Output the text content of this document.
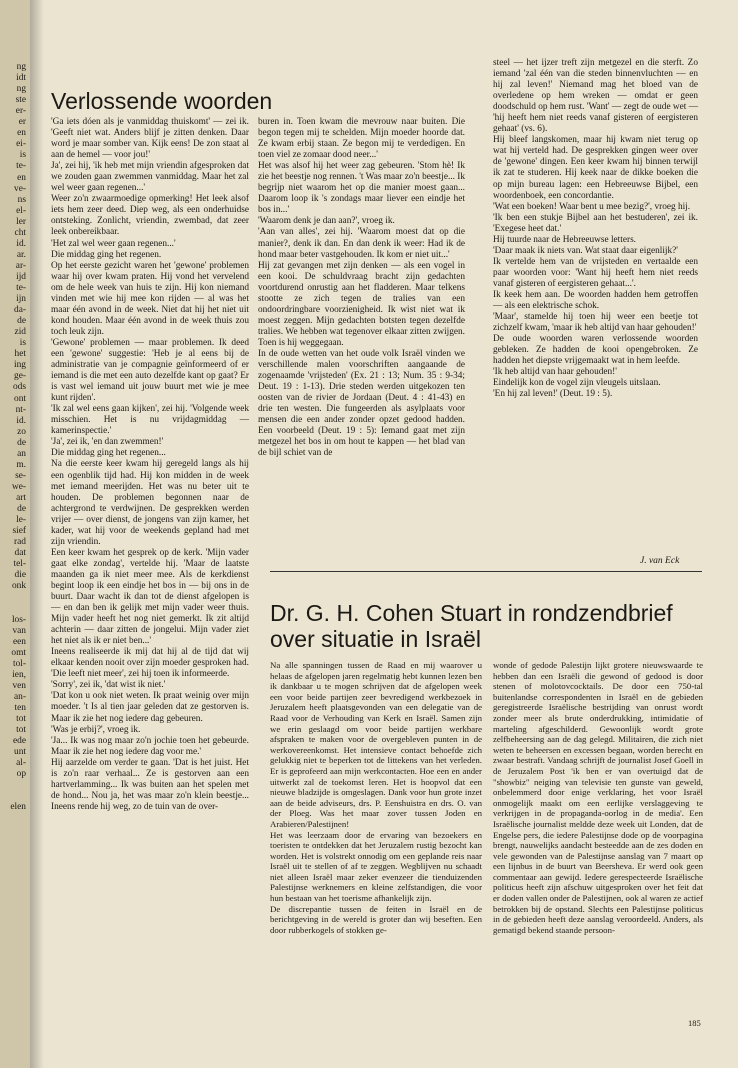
ng
idt
ng
ste
er-
er
en
ei-
is
te-
en
ve-
ns
el-
ler
cht
id.
ar.
ar-
ijd
te-
ijn
da-
de
zid
is
het
ing
ge-
ods
ont
nt-
id.
zo
de
an
m.
se-
we-
art
de
le-
sief
rad
dat
tel-
die
onk
los-
van
een
omt
tol-
ien,
ven
an-
ten
tot
tot
ede
unt
al-
op
elen
Verlossende woorden

'Ga iets dóen als je vanmiddag thuiskomt' — zei ik. 'Geeft niet wat. Anders blijf je zitten denken. Daar word je maar somber van. Kijk eens! De zon staat al aan de hemel — voor jou!'

Ja', zei hij, 'ik heb met mijn vriendin afgesproken dat we zouden gaan zwemmen vanmiddag. Maar het zal wel weer gaan regenen...'

Weer zo'n zwaarmoedige opmerking! Het leek alsof iets hem zeer deed. Diep weg, als een onderhuidse ontsteking. Zonlicht, vriendin, zwembad, dat zeer leek onbereikbaar.

'Het zal wel weer gaan regenen...'

Die middag ging het regenen.

Op het eerste gezicht waren het 'gewone' problemen waar hij over kwam praten. Hij vond het vervelend om de hele week van huis te zijn. Hij kon niemand vinden met wie hij mee kon rijden — al was het maar één avond in de week. Niet dat hij het niet uit kond houden. Maar één avond in de week thuis zou toch leuk zijn.

'Gewone' problemen — maar problemen. Ik deed een 'gewone' suggestie: 'Heb je al eens bij de administratie van je compagnie geïnformeerd of er iemand is die met een auto dezelfde kant op gaat? Er is vast wel iemand uit jouw buurt met wie je mee kunt rijden'.

'Ik zal wel eens gaan kijken', zei hij. 'Volgende week misschien. Het is nu vrijdagmiddag — kamerinspectie.'

'Ja', zei ik, 'en dan zwemmen!'

Die middag ging het regenen...

Na die eerste keer kwam hij geregeld langs als hij een ogenblik tijd had. Hij kon midden in de week met iemand meerijden. Het was nu beter uit te houden. De problemen begonnen naar de achtergrond te verdwijnen. De gesprekken werden vrijer — over dienst, de jongens van zijn kamer, het kader, wat hij voor de weekends gepland had met zijn vriendin.

Een keer kwam het gesprek op de kerk. 'Mijn vader gaat elke zondag', vertelde hij. 'Maar de laatste maanden ga ik niet meer mee. Als de kerkdienst begint loop ik een eindje het bos in — bij ons in de buurt. Daar wacht ik dan tot de dienst afgelopen is — en dan ben ik gelijk met mijn vader weer thuis. Mijn vader heeft het nog niet gemerkt. Ik zit altijd achterin — daar zitten de jongelui. Mijn vader ziet het niet als ik er niet ben...'

Ineens realiseerde ik mij dat hij al de tijd dat wij elkaar kenden nooit over zijn moeder gesproken had. 'Die leeft niet meer', zei hij toen ik informeerde.

'Sorry', zei ik, 'dat wist ik niet.'

'Dat kon u ook niet weten. Ik praat weinig over mijn moeder. 't Is al tien jaar geleden dat ze gestorven is. Maar ik zie het nog iedere dag gebeuren.

'Was je erbij?', vroeg ik.

'Ja... Ik was nog maar zo'n jochie toen het gebeurde. Maar ik zie het nog iedere dag voor me.'

Hij aarzelde om verder te gaan. 'Dat is het juist. Het is zo'n raar verhaal... Ze is gestorven aan een hartverlamming... Ik was buiten aan het spelen met de hond... Nou ja, het was maar zo'n klein beestje... Ineens rende hij weg, zo de tuin van de over-

buren in. Toen kwam die mevrouw naar buiten. Die begon tegen mij te schelden. Mijn moeder hoorde dat. Ze kwam erbij staan. Ze begon mij te verdedigen. En toen viel ze zomaar dood neer...'

Het was alsof hij het weer zag gebeuren. 'Stom hè! Ik zie het beestje nog rennen. 't Was maar zo'n beestje... Ik begrijp niet waarom het op die manier moest gaan... Daarom loop ik 's zondags maar liever een eindje het bos in...'

'Waarom denk je dan aan?', vroeg ik.

'Aan van alles', zei hij. 'Waarom moest dat op die manier?, denk ik dan. En dan denk ik weer: Had ik de hond maar beter vastgehouden. Ik kom er niet uit...'

Hij zat gevangen met zijn denken — als een vogel in een kooi. De schuldvraag bracht zijn gedachten voortdurend onrustig aan het fladderen. Maar telkens stootte ze zich tegen de tralies van een ondoordringbare voorzienigheid. Ik wist niet wat ik moest zeggen. Mijn gedachten botsten tegen dezelfde tralies. We hebben wat tegenover elkaar zitten zwijgen. Toen is hij weggegaan.

In de oude wetten van het oude volk Israël vinden we verschillende malen voorschriften aangaande de zogenaamde 'vrijsteden' (Ex. 21 : 13; Num. 35 : 9-34; Deut. 19 : 1-13). Drie steden werden uitgekozen ten oosten van de rivier de Jordaan (Deut. 4 : 41-43) en drie ten westen. Die fungeerden als asylplaats voor mensen die een ander zonder opzet gedood hadden. Een voorbeeld (Deut. 19 : 5): Iemand gaat met zijn metgezel het bos in om hout te kappen — het blad van de bijl schiet van de

steel — het ijzer treft zijn metgezel en die sterft. Zo iemand 'zal één van die steden binnenvluchten — en hij zal leven!' Niemand mag het bloed van de overledene op hem wreken — omdat er geen doodschuld op hem rust. 'Want' — zegt de oude wet — 'hij heeft hem niet reeds vanaf gisteren of eergisteren gehaat' (vs. 6).

Hij bleef langskomen, maar hij kwam niet terug op wat hij verteld had. De gesprekken gingen weer over de 'gewone' dingen. Een keer kwam hij binnen terwijl ik zat te studeren. Hij keek naar de dikke boeken die op mijn bureau lagen: een Hebreeuwse Bijbel, een woordenboek, een concordantie.

'Wat een boeken! Waar bent u mee bezig?', vroeg hij.

'Ik ben een stukje Bijbel aan het bestuderen', zei ik. 'Exegese heet dat.'

Hij tuurde naar de Hebreeuwse letters.

'Daar maak ik niets van. Wat staat daar eigenlijk?'

Ik vertelde hem van de vrijsteden en vertaalde een paar woorden voor: 'Want hij heeft hem niet reeds vanaf gisteren of eergisteren gehaat...'.

Ik keek hem aan. De woorden hadden hem getroffen — als een elektrische schok.

'Maar', stamelde hij toen hij weer een beetje tot zichzelf kwam, 'maar ik heb altijd van haar gehouden!'

De oude woorden waren verlossende woorden gebleken. Ze hadden de kooi opengebroken. Ze hadden het diepste vrijgemaakt wat in hem leefde.

'Ik heb altijd van haar gehouden!'

Eindelijk kon de vogel zijn vleugels uitslaan.

'En hij zal leven!' (Deut. 19 : 5).

J. van Eck
Dr. G. H. Cohen Stuart in rondzendbrief over situatie in Israël

Na alle spanningen tussen de Raad en mij waarover u helaas de afgelopen jaren regelmatig hebt kunnen lezen ben ik dankbaar u te mogen schrijven dat de afgelopen week een voor beide partijen zeer bevredigend werkbezoek in Jeruzalem heeft plaatsgevonden van een delegatie van de Raad voor de Verhouding van Kerk en Israël. Samen zijn we erin geslaagd om voor beide partijen werkbare afspraken te maken voor de overgebleven punten in de werkovereenkomst. Het intensieve contact behoefde zich gelukkig niet te beperken tot de littekens van het verleden. Er is geprofeerd aan mijn werkcontacten. Hoe een en ander uitwerkt zal de toekomst leren. Het is hoopvol dat een nieuwe bladzijde is omgeslagen. Dank voor hun grote inzet aan de beide adviseurs, drs. P. Eenshuistra en drs. O. van der Ploeg. Was het maar zover tussen Joden en Arabieren/Palestijnen!

Het was leerzaam door de ervaring van bezoekers en toeristen te ontdekken dat het Jeruzalem rustig bezocht kan worden. Het is volstrekt onnodig om een geplande reis naar Israël uit te stellen of af te zeggen. Wegblijven nu schaadt niet alleen Israël maar zeker evenzeer die tienduizenden Palestijnse werknemers en kleine zelfstandigen, die voor hun bestaan van het toerisme afhankelijk zijn.

De discrepantie tussen de feiten in Israël en de berichtgeving in de wereld is groter dan wij beseften. Een door rubberkogels of stokken ge-

wonde of gedode Palestijn lijkt grotere nieuwswaarde te hebben dan een Israëli die gewond of gedood is door stenen of molotovcocktails. De door een 750-tal buitenlandse correspondenten in Israël en de gebieden geregistreerde Israëlische bestrijding van onrust wordt zonder meer als brute onderdrukking, intimidatie of marteling afgeschilderd. Gewoonlijk wordt grote zelfbeheersing aan de dag gelegd. Militairen, die zich niet weten te beheersen en excessen begaan, worden berecht en zwaar bestraft. Vandaag schrijft de journalist Josef Goell in de Jeruzalem Post 'ik ben er van overtuigd dat de "showbiz" neiging van televisie ten gunste van geweld, onbelemmerd door enige verklaring, het voor Israël onmogelijk maakt om een eerlijke verslaggeving te verkrijgen in de propaganda-oorlog in de media'. Een Israëlische journalist meldde deze week uit Londen, dat de Engelse pers, die iedere Palestijnse dode op de voorpagina brengt, nauwelijks aandacht besteedde aan de zes doden en vele gewonden van de Palestijnse aanslag van 7 maart op een lijnbus in de buurt van Beersheva. Er werd ook geen commentaar aan gewijd. Iedere gerespecteerde Israëlische politicus heeft zijn afschuw uitgesproken over het feit dat er doden vallen onder de Palestijnen, ook al waren ze actief betrokken bij de opstand. Slechts een Palestijnse politicus in de gebieden heeft deze aanslag veroordeeld. Anders, als gematigd bekend staande persoon-

185
